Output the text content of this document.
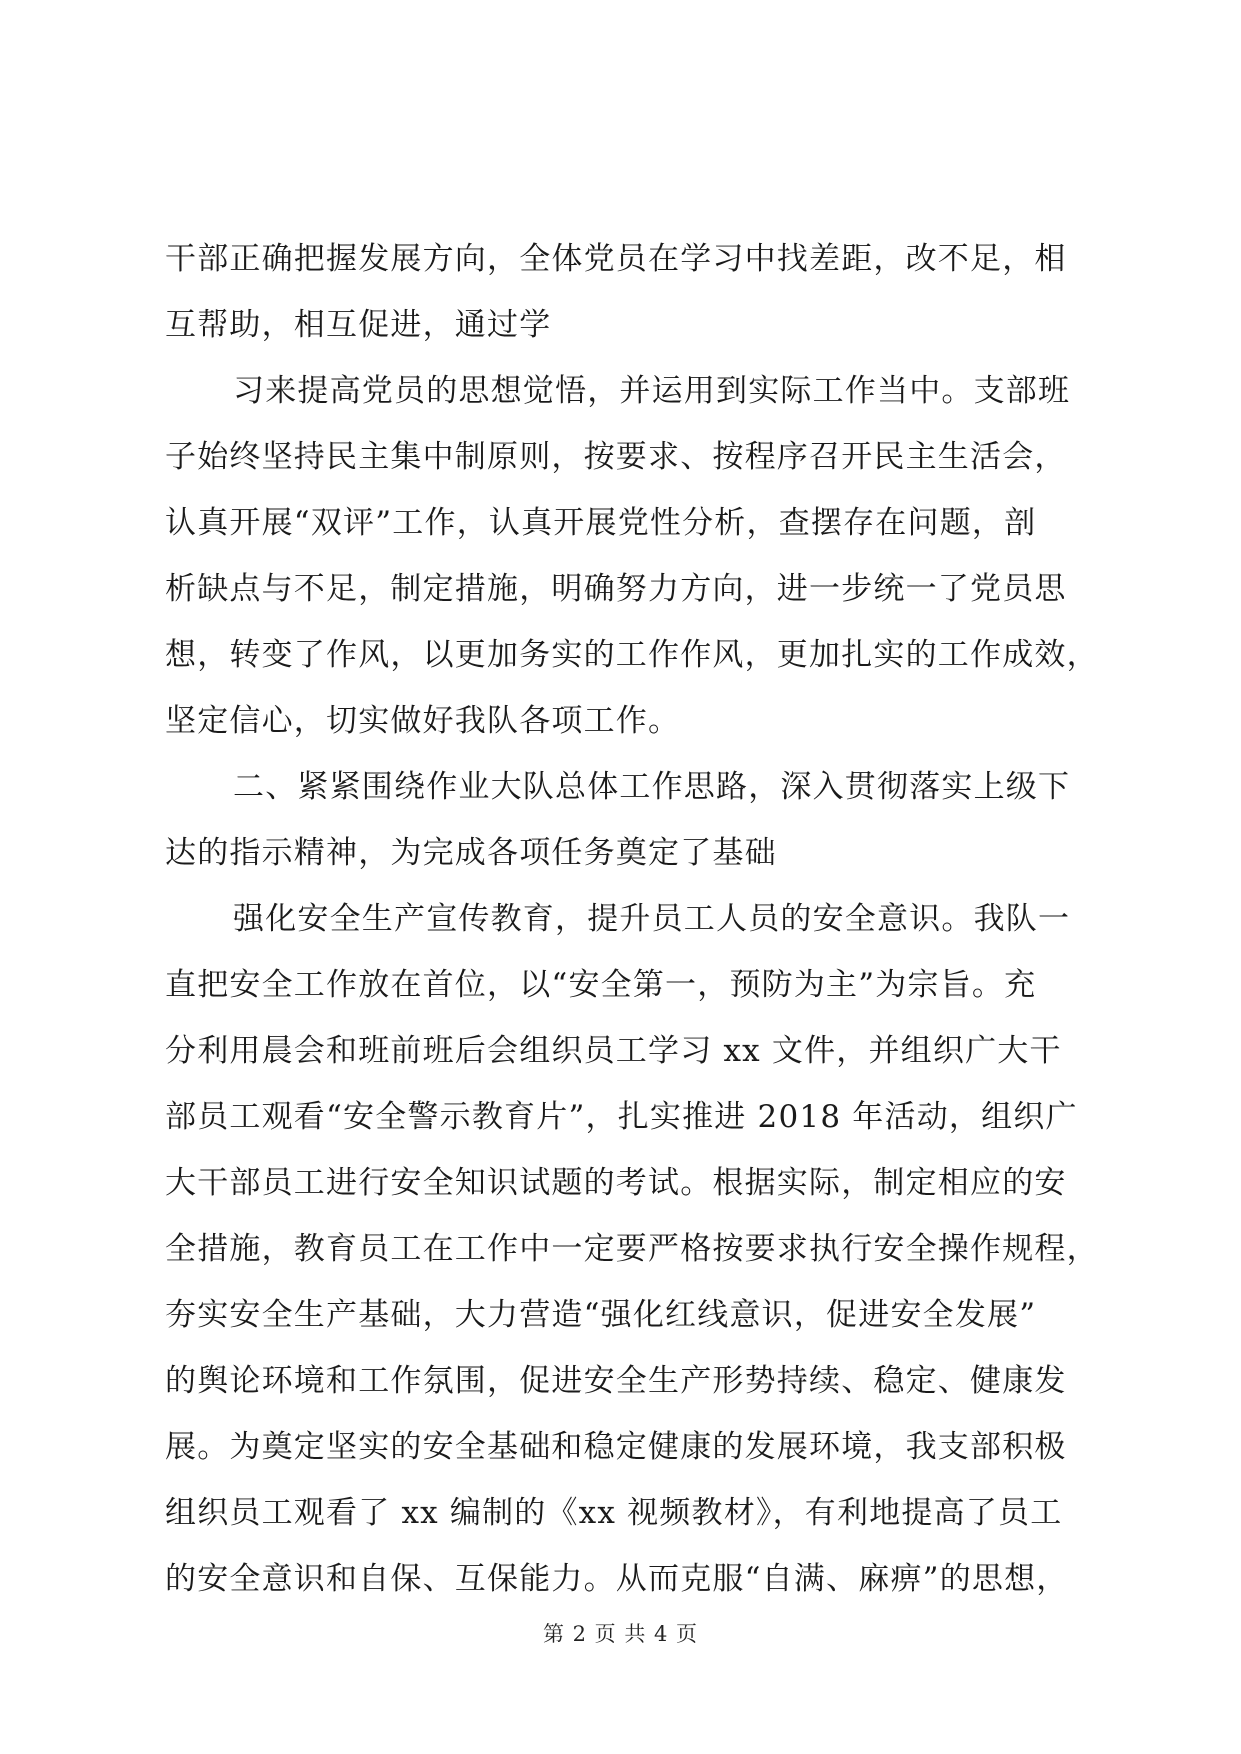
干部正确把握发展方向，全体党员在学习中找差距，改不足，相
互帮助，相互促进，通过学
习来提高党员的思想觉悟，并运用到实际工作当中。支部班
子始终坚持民主集中制原则，按要求、按程序召开民主生活会，
认真开展“双评”工作，认真开展党性分析，查摆存在问题，剖
析缺点与不足，制定措施，明确努力方向，进一步统一了党员思
想，转变了作风，以更加务实的工作作风，更加扎实的工作成效，
坚定信心，切实做好我队各项工作。
二、紧紧围绕作业大队总体工作思路，深入贯彻落实上级下
达的指示精神，为完成各项任务奠定了基础
强化安全生产宣传教育，提升员工人员的安全意识。我队一
直把安全工作放在首位，以“安全第一，预防为主”为宗旨。充
分利用晨会和班前班后会组织员工学习 xx 文件，并组织广大干
部员工观看“安全警示教育片”，扎实推进 2018 年活动，组织广
大干部员工进行安全知识试题的考试。根据实际，制定相应的安
全措施，教育员工在工作中一定要严格按要求执行安全操作规程，
夯实安全生产基础，大力营造“强化红线意识，促进安全发展”
的舆论环境和工作氛围，促进安全生产形势持续、稳定、健康发
展。为奠定坚实的安全基础和稳定健康的发展环境，我支部积极
组织员工观看了 xx 编制的《xx 视频教材》，有利地提高了员工
的安全意识和自保、互保能力。从而克服“自满、麻痹”的思想，
第 2 页 共 4 页
